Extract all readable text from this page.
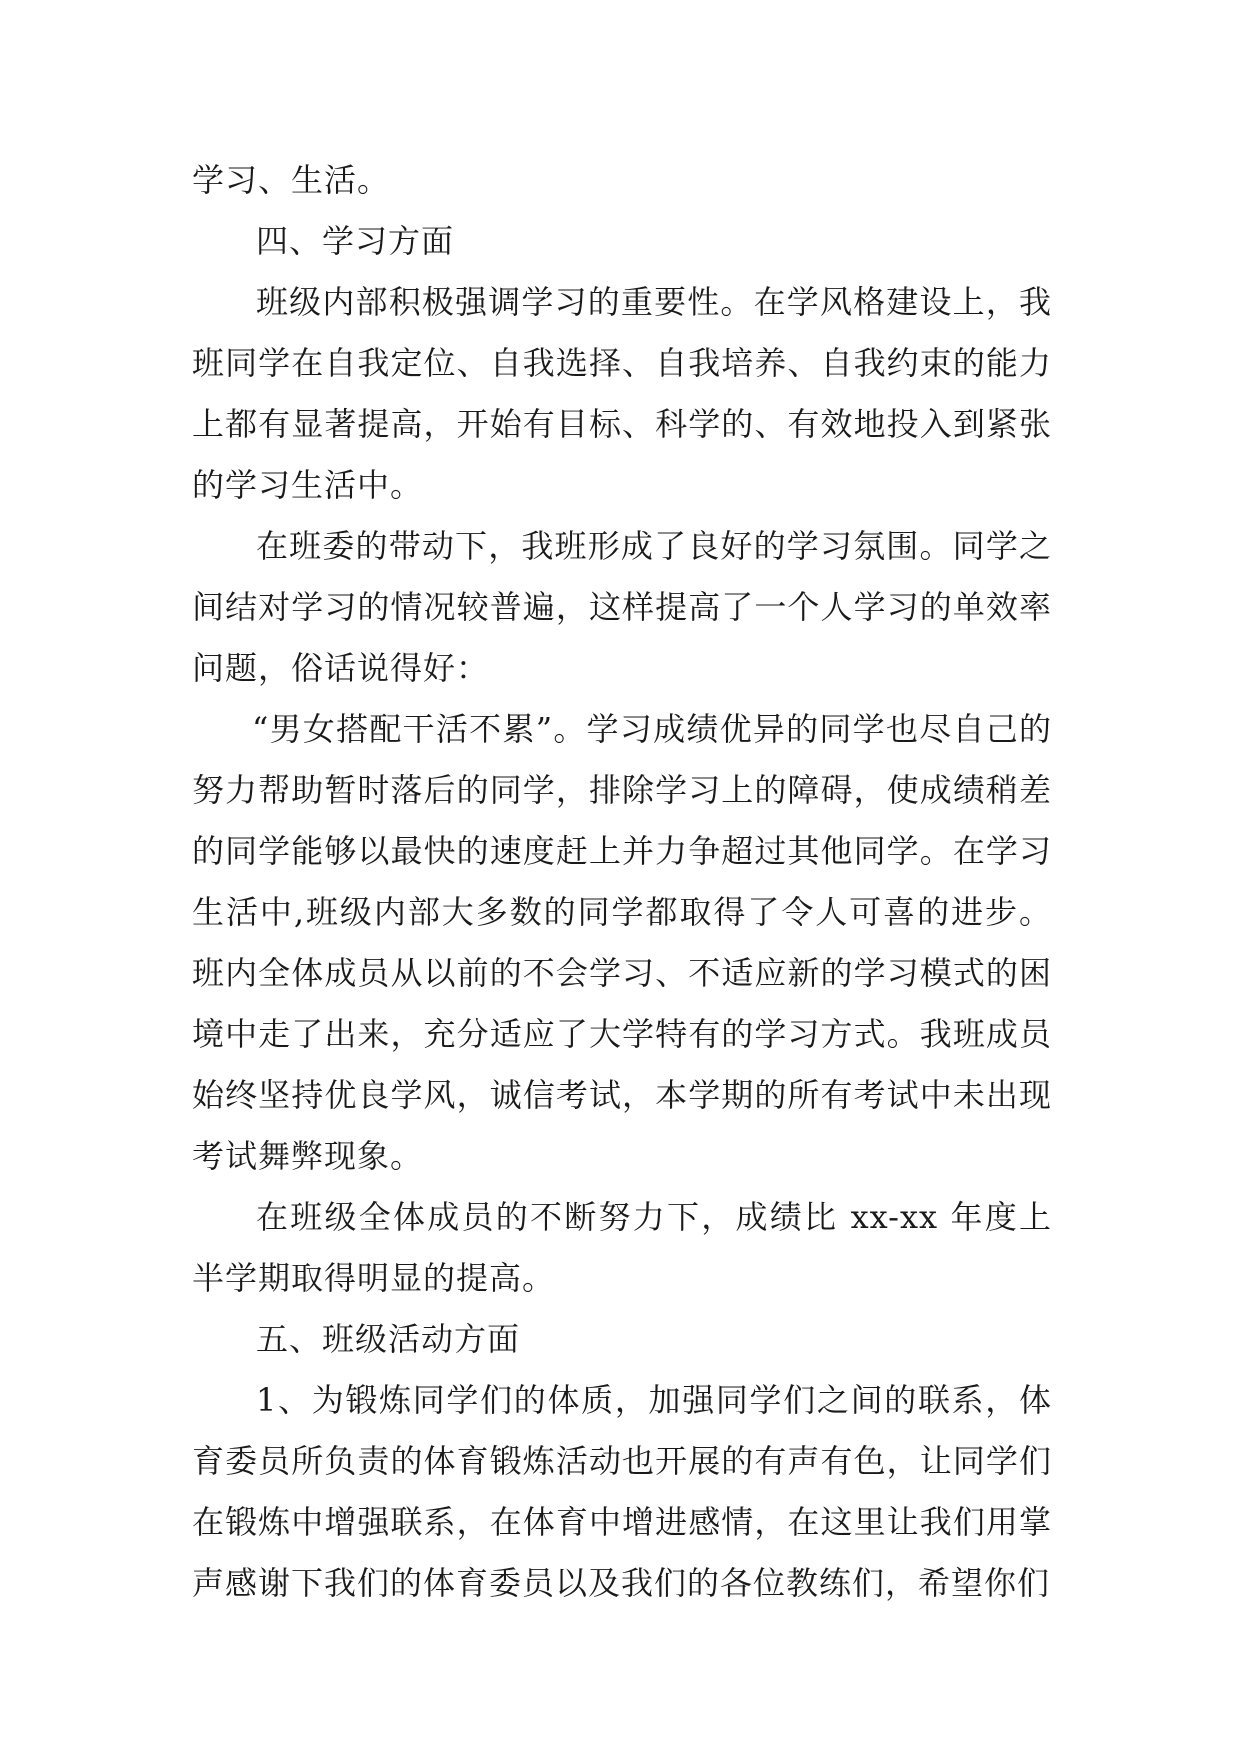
学习、生活。

四、学习方面

班级内部积极强调学习的重要性。在学风格建设上，我班同学在自我定位、自我选择、自我培养、自我约束的能力上都有显著提高，开始有目标、科学的、有效地投入到紧张的学习生活中。

在班委的带动下，我班形成了良好的学习氛围。同学之间结对学习的情况较普遍，这样提高了一个人学习的单效率问题，俗话说得好：

“男女搭配干活不累”。学习成绩优异的同学也尽自己的努力帮助暂时落后的同学，排除学习上的障碍，使成绩稍差的同学能够以最快的速度赶上并力争超过其他同学。在学习生活中,班级内部大多数的同学都取得了令人可喜的进步。班内全体成员从以前的不会学习、不适应新的学习模式的困境中走了出来，充分适应了大学特有的学习方式。我班成员始终坚持优良学风，诚信考试，本学期的所有考试中未出现考试舞弊现象。

在班级全体成员的不断努力下，成绩比 xx-xx 年度上半学期取得明显的提高。

五、班级活动方面

1、为锻炼同学们的体质，加强同学们之间的联系，体育委员所负责的体育锻炼活动也开展的有声有色，让同学们在锻炼中增强联系，在体育中增进感情，在这里让我们用掌声感谢下我们的体育委员以及我们的各位教练们，希望你们
